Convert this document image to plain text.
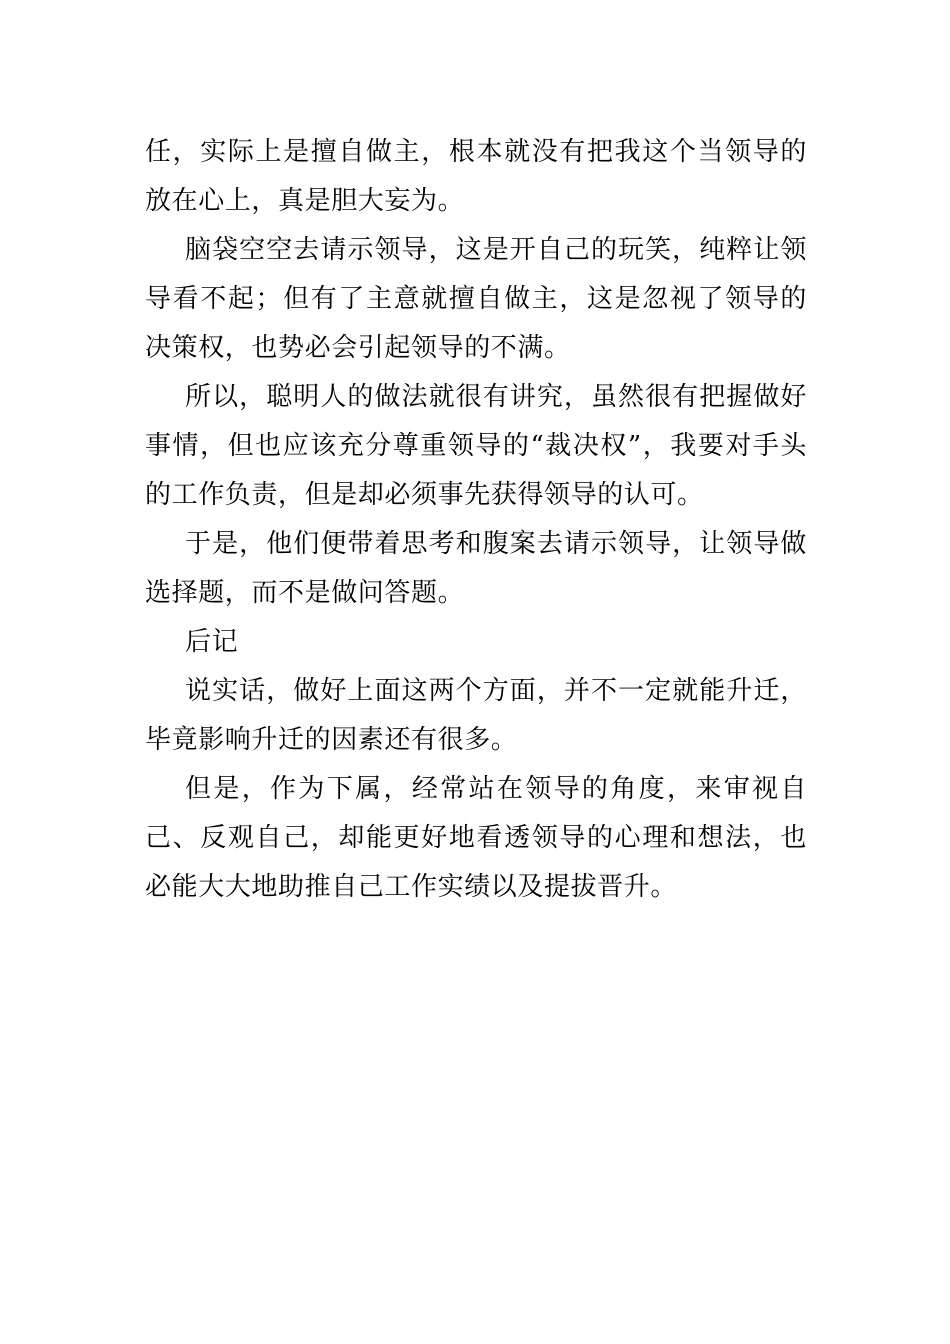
任，实际上是擅自做主，根本就没有把我这个当领导的放在心上，真是胆大妄为。

脑袋空空去请示领导，这是开自己的玩笑，纯粹让领导看不起；但有了主意就擅自做主，这是忽视了领导的决策权，也势必会引起领导的不满。

所以，聪明人的做法就很有讲究，虽然很有把握做好事情，但也应该充分尊重领导的“裁决权”，我要对手头的工作负责，但是却必须事先获得领导的认可。

于是，他们便带着思考和腹案去请示领导，让领导做选择题，而不是做问答题。

后记

说实话，做好上面这两个方面，并不一定就能升迁，毕竟影响升迁的因素还有很多。

但是，作为下属，经常站在领导的角度，来审视自己、反观自己，却能更好地看透领导的心理和想法，也必能大大地助推自己工作实绩以及提拔晋升。
